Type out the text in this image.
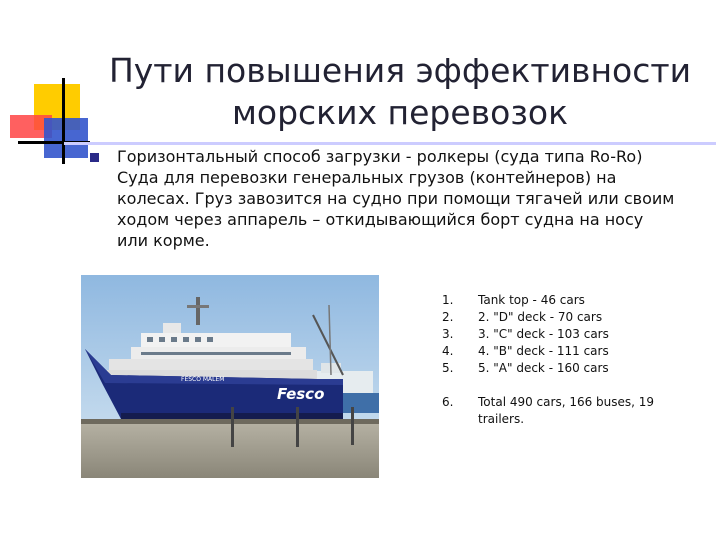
Пути повышения эффективности морских перевозок

Горизонтальный способ загрузки - ролкеры (суда типа Ro-Ro)

Суда для перевозки генеральных грузов (контейнеров) на колесах. Груз завозится на судно при помощи тягачей или своим ходом через аппарель – откидывающийся борт судна на носу или корме.

FESCO MALEM
Fesco
1.	Tank top - 46 cars
2.	2. "D" deck - 70 cars
3.	3. "C" deck - 103 cars
4.	4. "B" deck - 111 cars
5.	5. "A" deck - 160 cars
6.	Total 490 cars, 166 buses, 19 trailers.
